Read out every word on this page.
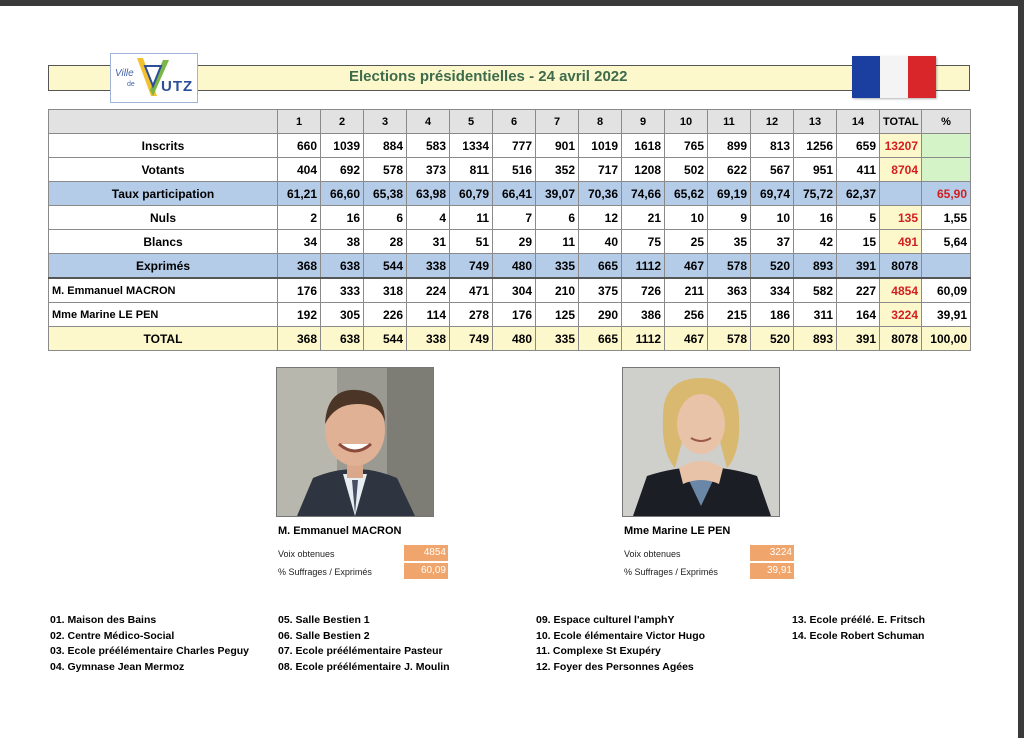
Elections présidentielles - 24 avril 2022
Ville
de UTZ
	1	2	3	4	5	6	7	8	9	10	11	12	13	14	TOTAL	%
Inscrits	660	1039	884	583	1334	777	901	1019	1618	765	899	813	1256	659	13207	
Votants	404	692	578	373	811	516	352	717	1208	502	622	567	951	411	8704	
Taux participation	61,21	66,60	65,38	63,98	60,79	66,41	39,07	70,36	74,66	65,62	69,19	69,74	75,72	62,37		65,90
Nuls	2	16	6	4	11	7	6	12	21	10	9	10	16	5	135	1,55
Blancs	34	38	28	31	51	29	11	40	75	25	35	37	42	15	491	5,64
Exprimés	368	638	544	338	749	480	335	665	1112	467	578	520	893	391	8078	
M. Emmanuel MACRON	176	333	318	224	471	304	210	375	726	211	363	334	582	227	4854	60,09
Mme Marine LE PEN	192	305	226	114	278	176	125	290	386	256	215	186	311	164	3224	39,91
TOTAL	368	638	544	338	749	480	335	665	1112	467	578	520	893	391	8078	100,00
M. Emmanuel MACRON
Voix obtenues	4854
% Suffrages / Exprimés	60,09
Mme Marine LE PEN
Voix obtenues	3224
% Suffrages / Exprimés	39,91
01. Maison des Bains
02. Centre Médico-Social
03. Ecole préélémentaire Charles Peguy
04. Gymnase Jean Mermoz
05. Salle Bestien 1
06. Salle Bestien 2
07. Ecole préélémentaire Pasteur
08. Ecole préélémentaire J. Moulin
09. Espace culturel l'amphY
10. Ecole élémentaire Victor Hugo
11. Complexe St Exupéry
12. Foyer des Personnes Agées
13. Ecole préélé. E. Fritsch
14. Ecole Robert Schuman
